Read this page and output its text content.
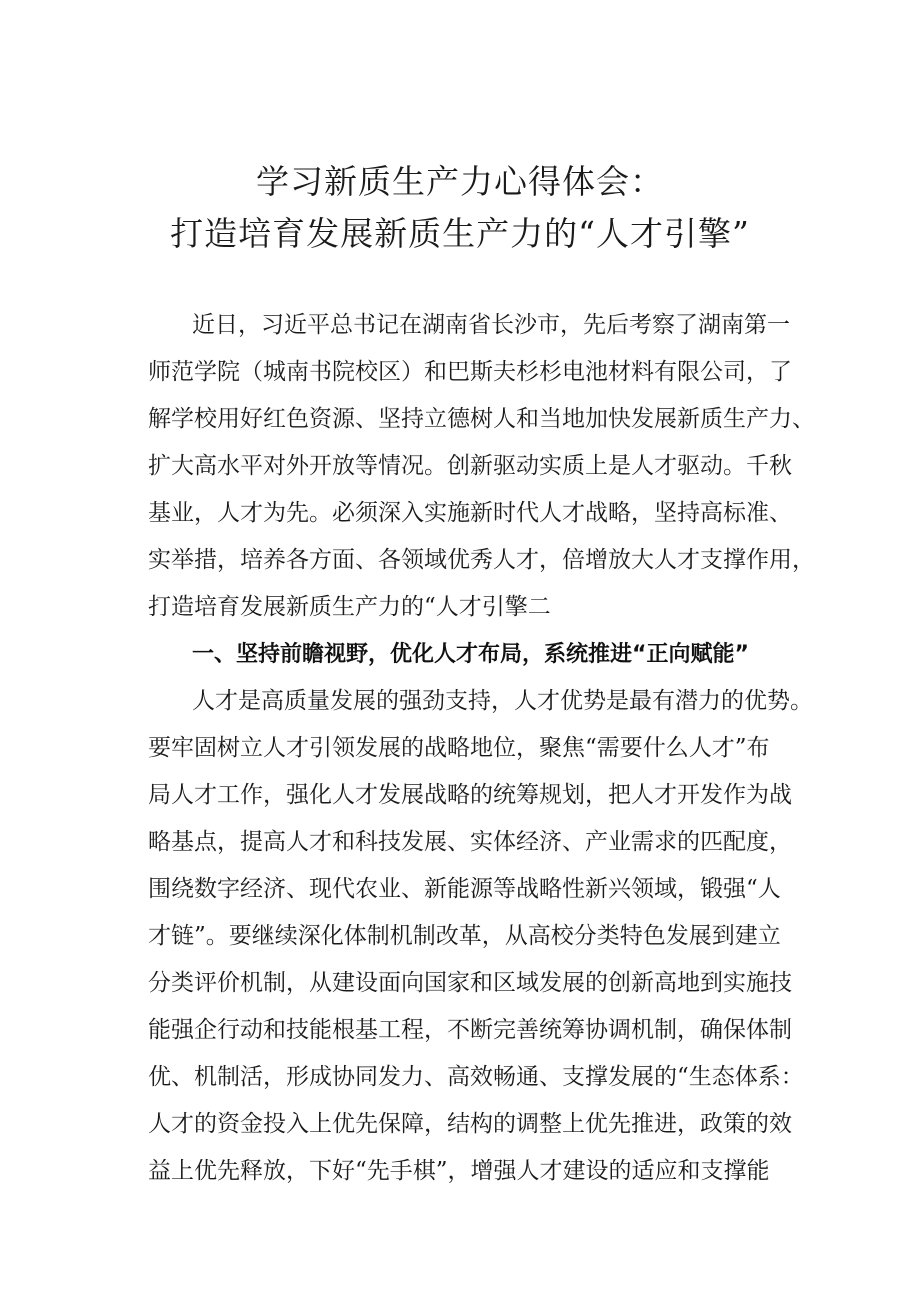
学习新质生产力心得体会：
打造培育发展新质生产力的“人才引擎”
近日，习近平总书记在湖南省长沙市，先后考察了湖南第一
师范学院（城南书院校区）和巴斯夫杉杉电池材料有限公司，了
解学校用好红色资源、坚持立德树人和当地加快发展新质生产力、
扩大高水平对外开放等情况。创新驱动实质上是人才驱动。千秋
基业，人才为先。必须深入实施新时代人才战略，坚持高标准、
实举措，培养各方面、各领域优秀人才，倍增放大人才支撑作用，
打造培育发展新质生产力的“人才引擎二
一、坚持前瞻视野，优化人才布局，系统推进“正向赋能”
人才是高质量发展的强劲支持，人才优势是最有潜力的优势。
要牢固树立人才引领发展的战略地位，聚焦“需要什么人才”布
局人才工作，强化人才发展战略的统筹规划，把人才开发作为战
略基点，提高人才和科技发展、实体经济、产业需求的匹配度，
围绕数字经济、现代农业、新能源等战略性新兴领域，锻强“人
才链”。要继续深化体制机制改革，从高校分类特色发展到建立
分类评价机制，从建设面向国家和区域发展的创新高地到实施技
能强企行动和技能根基工程，不断完善统筹协调机制，确保体制
优、机制活，形成协同发力、高效畅通、支撑发展的“生态体系：
人才的资金投入上优先保障，结构的调整上优先推进，政策的效
益上优先释放，下好“先手棋”，增强人才建设的适应和支撑能
